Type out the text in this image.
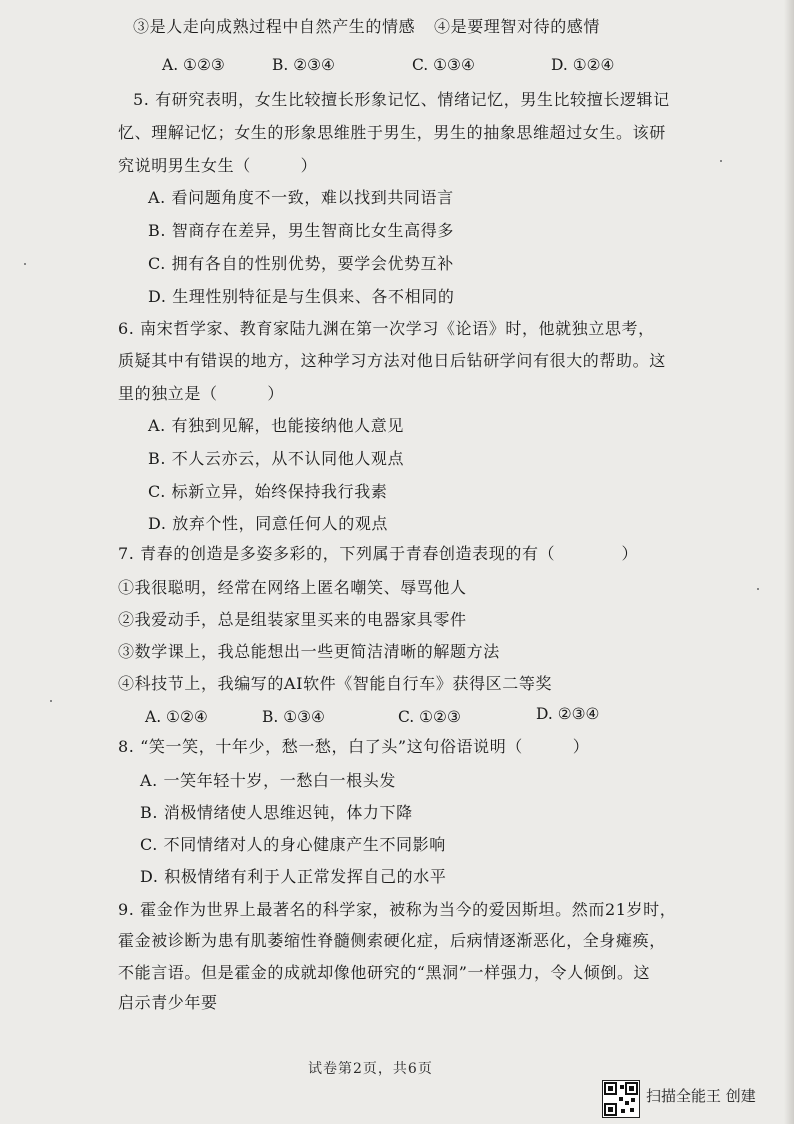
③是人走向成熟过程中自然产生的情感 ④是要理智对待的感情
A. ①②③	B. ②③④	C. ①③④	D. ①②④
5. 有研究表明，女生比较擅长形象记忆、情绪记忆，男生比较擅长逻辑记
忆、理解记忆；女生的形象思维胜于男生，男生的抽象思维超过女生。该研
究说明男生女生（　　　）
A. 看问题角度不一致，难以找到共同语言
B. 智商存在差异，男生智商比女生高得多
C. 拥有各自的性别优势，要学会优势互补
D. 生理性别特征是与生俱来、各不相同的
6. 南宋哲学家、教育家陆九渊在第一次学习《论语》时，他就独立思考，
质疑其中有错误的地方，这种学习方法对他日后钻研学问有很大的帮助。这
里的独立是（　　　）
A. 有独到见解，也能接纳他人意见
B. 不人云亦云，从不认同他人观点
C. 标新立异，始终保持我行我素
D. 放弃个性，同意任何人的观点
7. 青春的创造是多姿多彩的，下列属于青春创造表现的有（　　　　）
①我很聪明，经常在网络上匿名嘲笑、辱骂他人
②我爱动手，总是组装家里买来的电器家具零件
③数学课上，我总能想出一些更简洁清晰的解题方法
④科技节上，我编写的AI软件《智能自行车》获得区二等奖
A. ①②④	B. ①③④	C. ①②③	D. ②③④
8. “笑一笑，十年少，愁一愁，白了头”这句俗语说明（　　　）
A. 一笑年轻十岁，一愁白一根头发
B. 消极情绪使人思维迟钝，体力下降
C. 不同情绪对人的身心健康产生不同影响
D. 积极情绪有利于人正常发挥自己的水平
9. 霍金作为世界上最著名的科学家，被称为当今的爱因斯坦。然而21岁时，
霍金被诊断为患有肌萎缩性脊髓侧索硬化症，后病情逐渐恶化，全身瘫痪，
不能言语。但是霍金的成就却像他研究的“黑洞”一样强力，令人倾倒。这
启示青少年要
试卷第2页，共6页
扫描全能王 创建
